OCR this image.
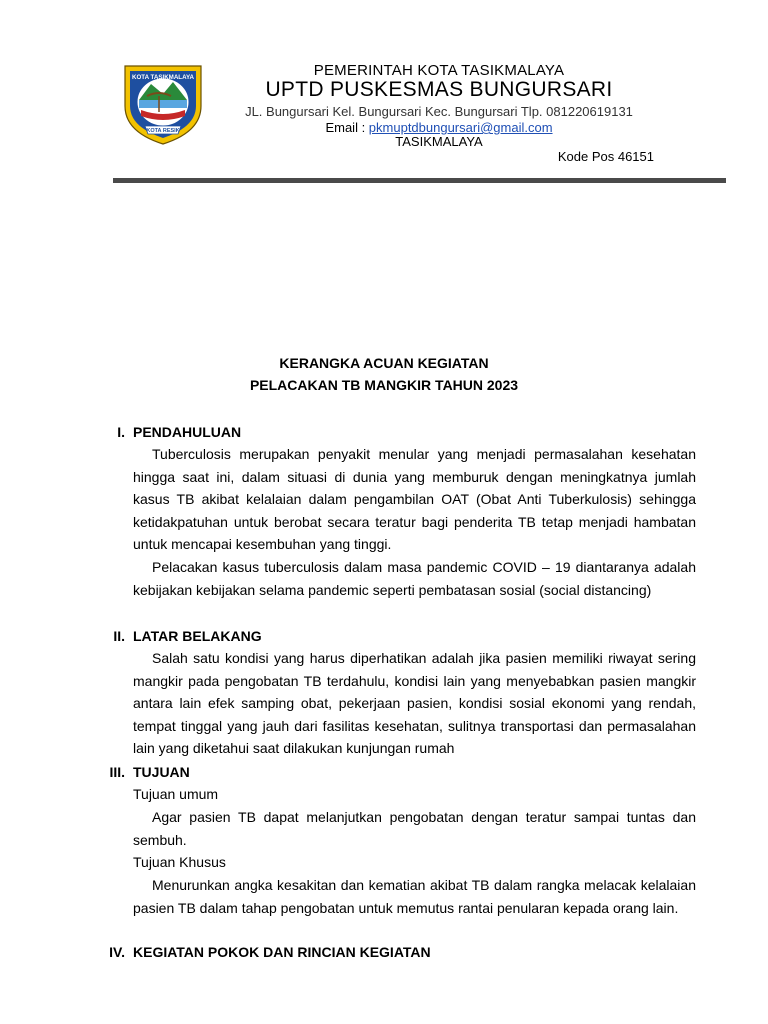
KOTA TASIKMALAYA
KOTA RESIK
PEMERINTAH KOTA TASIKMALAYA
UPTD PUSKESMAS BUNGURSARI
JL. Bungursari Kel. Bungursari Kec. Bungursari Tlp. 081220619131
Email : pkmuptdbungursari@gmail.com
TASIKMALAYA
Kode Pos 46151
KERANGKA ACUAN KEGIATAN
PELACAKAN TB MANGKIR TAHUN 2023
I. PENDAHULUAN

Tuberculosis merupakan penyakit menular yang menjadi permasalahan kesehatan hingga saat ini, dalam situasi di dunia yang memburuk dengan meningkatnya jumlah kasus TB akibat kelalaian dalam pengambilan OAT (Obat Anti Tuberkulosis) sehingga ketidakpatuhan untuk berobat secara teratur bagi penderita TB tetap menjadi hambatan untuk mencapai kesembuhan yang tinggi.

Pelacakan kasus tuberculosis dalam masa pandemic COVID – 19 diantaranya adalah kebijakan kebijakan selama pandemic seperti pembatasan sosial (social distancing)

II. LATAR BELAKANG

Salah satu kondisi yang harus diperhatikan adalah jika pasien memiliki riwayat sering mangkir pada pengobatan TB terdahulu, kondisi lain yang menyebabkan pasien mangkir antara lain efek samping obat, pekerjaan pasien, kondisi sosial ekonomi yang rendah, tempat tinggal yang jauh dari fasilitas kesehatan, sulitnya transportasi dan permasalahan lain yang diketahui saat dilakukan kunjungan rumah

III. TUJUAN
Tujuan umum

Agar pasien TB dapat melanjutkan pengobatan dengan teratur sampai tuntas dan sembuh.

Tujuan Khusus

Menurunkan angka kesakitan dan kematian akibat TB dalam rangka melacak kelalaian pasien TB dalam tahap pengobatan untuk memutus rantai penularan kepada orang lain.

IV. KEGIATAN POKOK DAN RINCIAN KEGIATAN
